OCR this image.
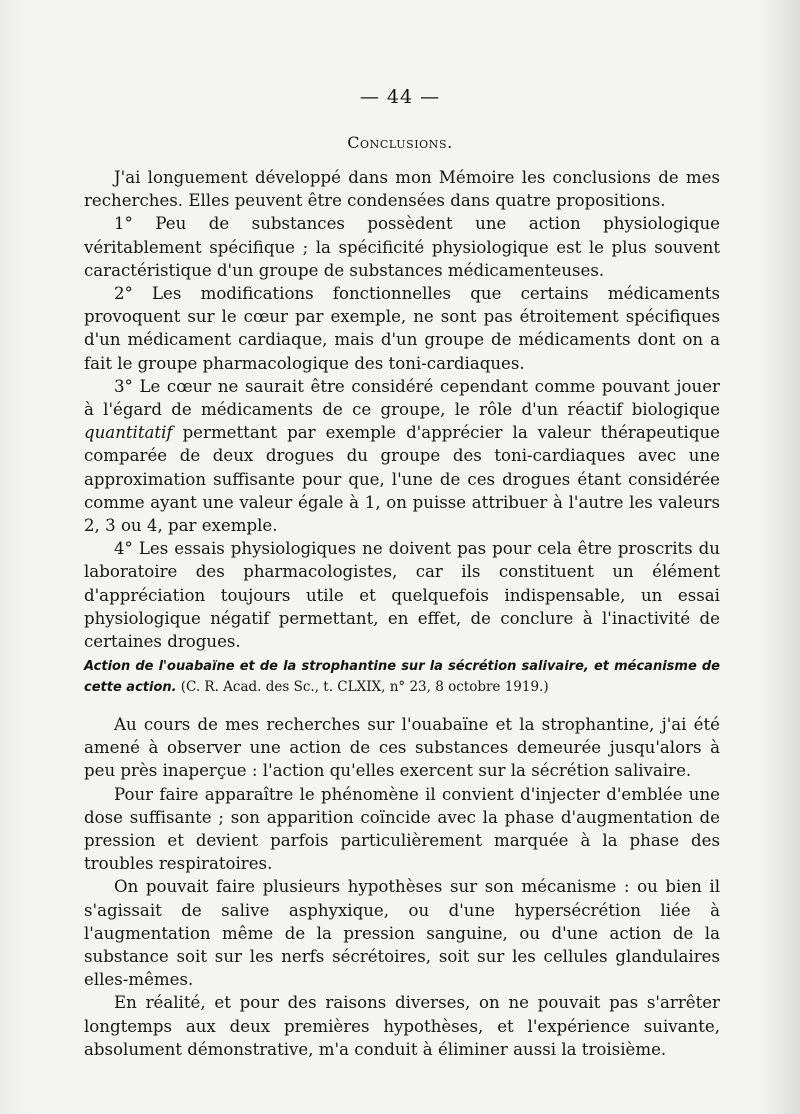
— 44 —
Conclusions.

J'ai longuement développé dans mon Mémoire les conclusions de mes recherches. Elles peuvent être condensées dans quatre propositions.

1° Peu de substances possèdent une action physiologique véritablement spécifique ; la spécificité physiologique est le plus souvent caractéristique d'un groupe de substances médicamenteuses.

2° Les modifications fonctionnelles que certains médicaments provoquent sur le cœur par exemple, ne sont pas étroitement spécifiques d'un médicament cardiaque, mais d'un groupe de médicaments dont on a fait le groupe pharmacologique des toni-cardiaques.

3° Le cœur ne saurait être considéré cependant comme pouvant jouer à l'égard de médicaments de ce groupe, le rôle d'un réactif biologique quantitatif permettant par exemple d'apprécier la valeur thérapeutique comparée de deux drogues du groupe des toni-cardiaques avec une approximation suffisante pour que, l'une de ces drogues étant considérée comme ayant une valeur égale à 1, on puisse attribuer à l'autre les valeurs 2, 3 ou 4, par exemple.

4° Les essais physiologiques ne doivent pas pour cela être proscrits du laboratoire des pharmacologistes, car ils constituent un élément d'appréciation toujours utile et quelquefois indispensable, un essai physiologique négatif permettant, en effet, de conclure à l'inactivité de certaines drogues.

Action de l'ouabaïne et de la strophantine sur la sécrétion salivaire, et mécanisme de cette action. (C. R. Acad. des Sc., t. CLXIX, n° 23, 8 octobre 1919.)

Au cours de mes recherches sur l'ouabaïne et la strophantine, j'ai été amené à observer une action de ces substances demeurée jusqu'alors à peu près inaperçue : l'action qu'elles exercent sur la sécrétion salivaire.

Pour faire apparaître le phénomène il convient d'injecter d'emblée une dose suffisante ; son apparition coïncide avec la phase d'augmentation de pression et devient parfois particulièrement marquée à la phase des troubles respiratoires.

On pouvait faire plusieurs hypothèses sur son mécanisme : ou bien il s'agissait de salive asphyxique, ou d'une hypersécrétion liée à l'augmentation même de la pression sanguine, ou d'une action de la substance soit sur les nerfs sécrétoires, soit sur les cellules glandulaires elles-mêmes.

En réalité, et pour des raisons diverses, on ne pouvait pas s'arrêter longtemps aux deux premières hypothèses, et l'expérience suivante, absolument démonstrative, m'a conduit à éliminer aussi la troisième.
